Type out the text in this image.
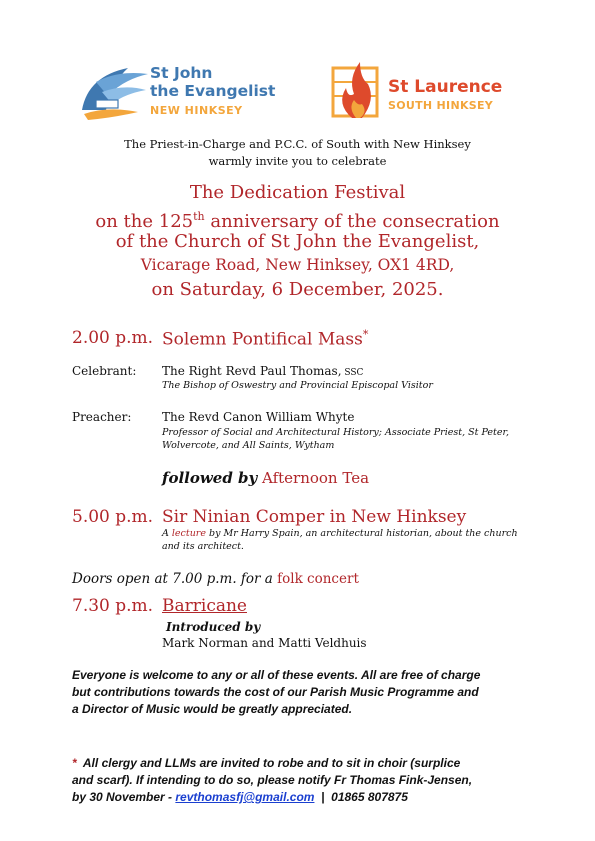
St John
the Evangelist
NEW HINKSEY
St Laurence
SOUTH HINKSEY
The Priest-in-Charge and P.C.C. of South with New Hinksey
warmly invite you to celebrate
The Dedication Festival
on the 125th anniversary of the consecration
of the Church of St John the Evangelist,
Vicarage Road, New Hinksey, OX1 4RD,
on Saturday, 6 December, 2025.
2.00 p.m. Solemn Pontifical Mass*
Celebrant: The Right Revd Paul Thomas, SSC
The Bishop of Oswestry and Provincial Episcopal Visitor
Preacher:	The Revd Canon William Whyte
Professor of Social and Architectural History; Associate Priest, St Peter,
Wolvercote, and All Saints, Wytham
followed by Afternoon Tea
5.00 p.m. Sir Ninian Comper in New Hinksey
A lecture by Mr Harry Spain, an architectural historian, about the church
and its architect.
Doors open at 7.00 p.m. for a folk concert
7.30 p.m. Barricane
Introduced by
Mark Norman and Matti Veldhuis
Everyone is welcome to any or all of these events. All are free of charge
but contributions towards the cost of our Parish Music Programme and
a Director of Music would be greatly appreciated.
*  All clergy and LLMs are invited to robe and to sit in choir (surplice
and scarf). If intending to do so, please notify Fr Thomas Fink-Jensen,
by 30 November - revthomasfj@gmail.com  |  01865 807875
